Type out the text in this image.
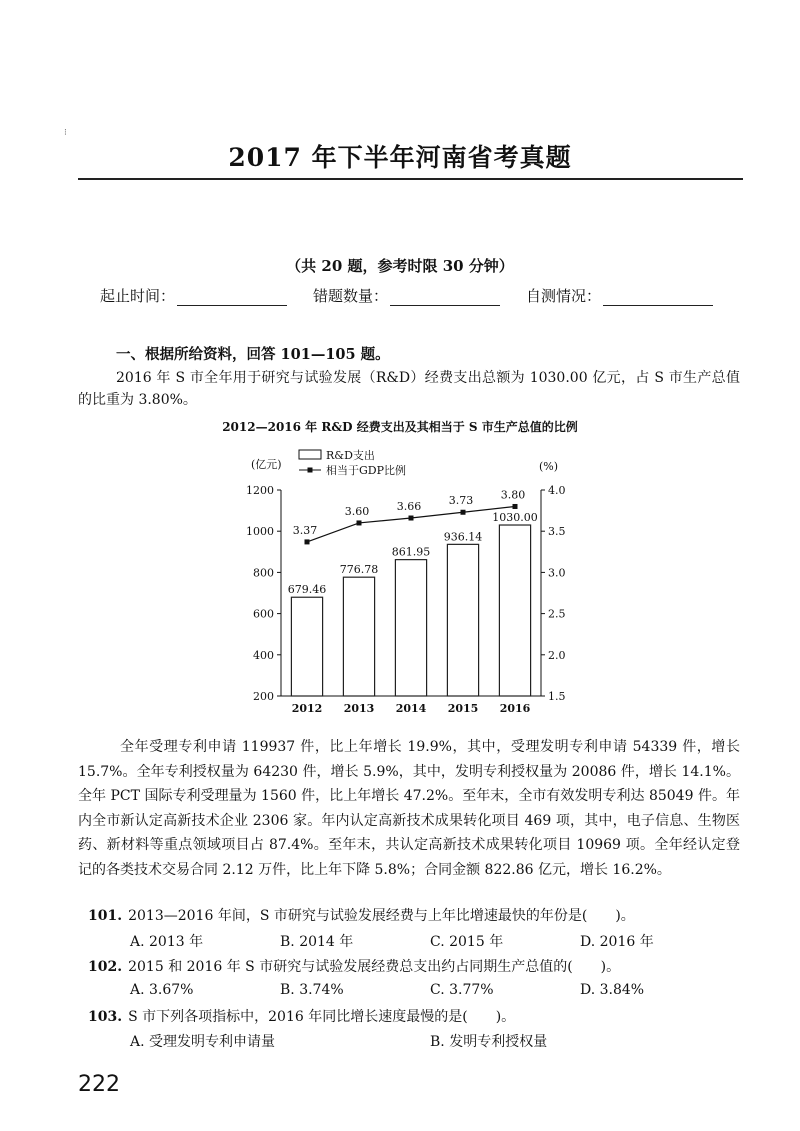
⁝
2017 年下半年河南省考真题
（共 20 题，参考时限 30 分钟）
起止时间：	错题数量：	自测情况：
一、根据所给资料，回答 101—105 题。
2016 年 S 市全年用于研究与试验发展（R&D）经费支出总额为 1030.00 亿元，占 S 市生产总值的比重为 3.80%。
2012—2016 年 R&D 经费支出及其相当于 S 市生产总值的比例
200
400
600
800
1000
1200
1.5
2.0
2.5
3.0
3.5
4.0
(亿元)	(%)
2012 2013 2014 2015 2016
679.46
776.78
861.95
936.14
1030.00
3.37
3.60	3.66	3.73	3.80
R&D支出
相当于GDP比例
全年受理专利申请 119937 件，比上年增长 19.9%，其中，受理发明专利申请 54339 件，增长 15.7%。全年专利授权量为 64230 件，增长 5.9%，其中，发明专利授权量为 20086 件，增长 14.1%。全年 PCT 国际专利受理量为 1560 件，比上年增长 47.2%。至年末，全市有效发明专利达 85049 件。年内全市新认定高新技术企业 2306 家。年内认定高新技术成果转化项目 469 项，其中，电子信息、生物医药、新材料等重点领域项目占 87.4%。至年末，共认定高新技术成果转化项目 10969 项。全年经认定登记的各类技术交易合同 2.12 万件，比上年下降 5.8%；合同金额 822.86 亿元，增长 16.2%。
101. 2013—2016 年间，S 市研究与试验发展经费与上年比增速最快的年份是(　　)。
A. 2013 年	B. 2014 年	C. 2015 年	D. 2016 年
102. 2015 和 2016 年 S 市研究与试验发展经费总支出约占同期生产总值的(　　)。
A. 3.67%	B. 3.74%	C. 3.77%	D. 3.84%
103. S 市下列各项指标中，2016 年同比增长速度最慢的是(　　)。
A. 受理发明专利申请量	B. 发明专利授权量
222
